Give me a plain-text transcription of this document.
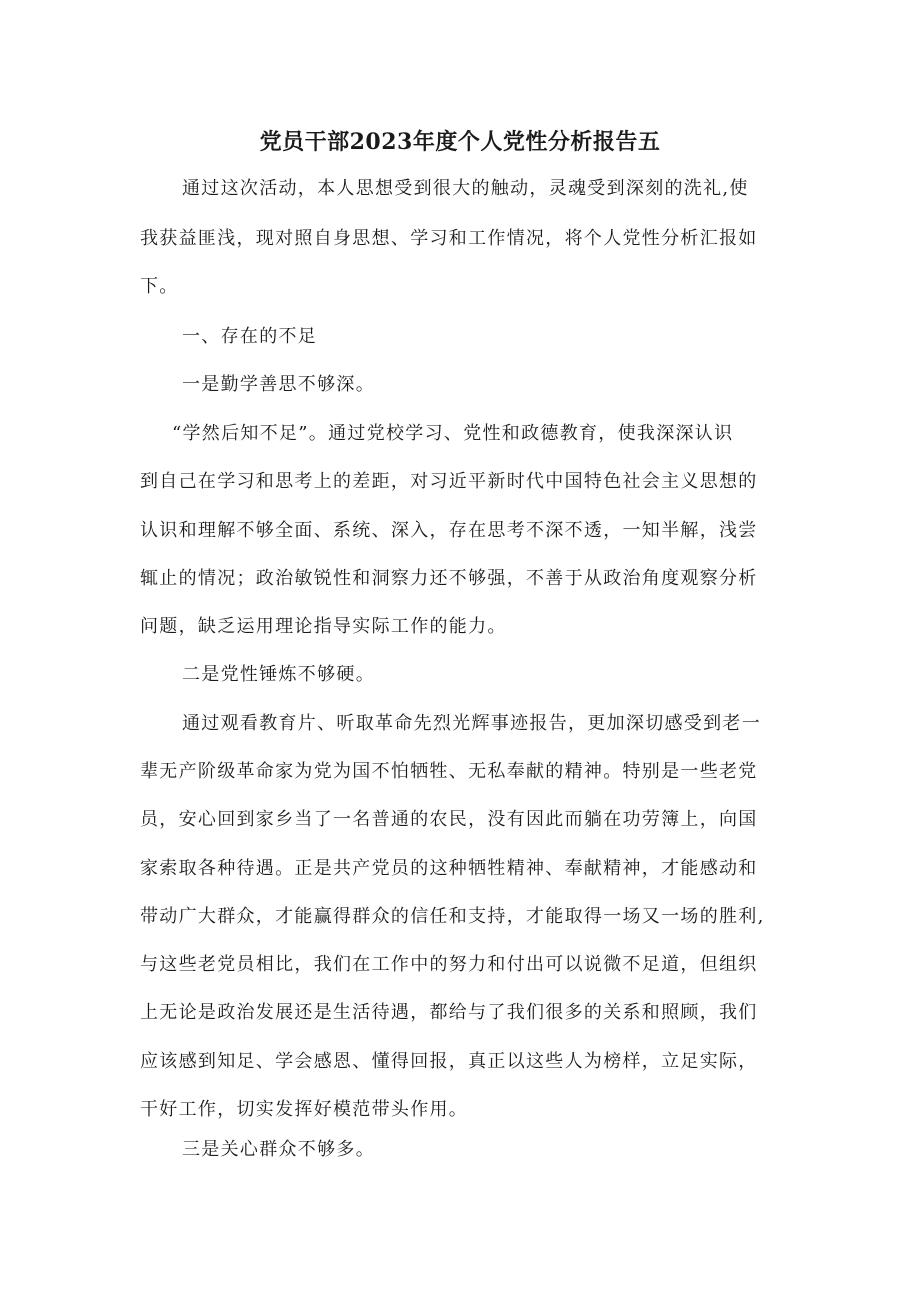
党员干部2023年度个人党性分析报告五
通过这次活动，本人思想受到很大的触动，灵魂受到深刻的洗礼,使
我获益匪浅，现对照自身思想、学习和工作情况，将个人党性分析汇报如
下。
一、存在的不足
一是勤学善思不够深。
“学然后知不足”。通过党校学习、党性和政德教育，使我深深认识
到自己在学习和思考上的差距，对习近平新时代中国特色社会主义思想的
认识和理解不够全面、系统、深入，存在思考不深不透，一知半解，浅尝
辄止的情况；政治敏锐性和洞察力还不够强，不善于从政治角度观察分析
问题，缺乏运用理论指导实际工作的能力。
二是党性锤炼不够硬。
通过观看教育片、听取革命先烈光辉事迹报告，更加深切感受到老一
辈无产阶级革命家为党为国不怕牺牲、无私奉献的精神。特别是一些老党
员，安心回到家乡当了一名普通的农民，没有因此而躺在功劳簿上，向国
家索取各种待遇。正是共产党员的这种牺牲精神、奉献精神，才能感动和
带动广大群众，才能赢得群众的信任和支持，才能取得一场又一场的胜利,
与这些老党员相比，我们在工作中的努力和付出可以说微不足道，但组织
上无论是政治发展还是生活待遇，都给与了我们很多的关系和照顾，我们
应该感到知足、学会感恩、懂得回报，真正以这些人为榜样，立足实际，
干好工作，切实发挥好模范带头作用。
三是关心群众不够多。
